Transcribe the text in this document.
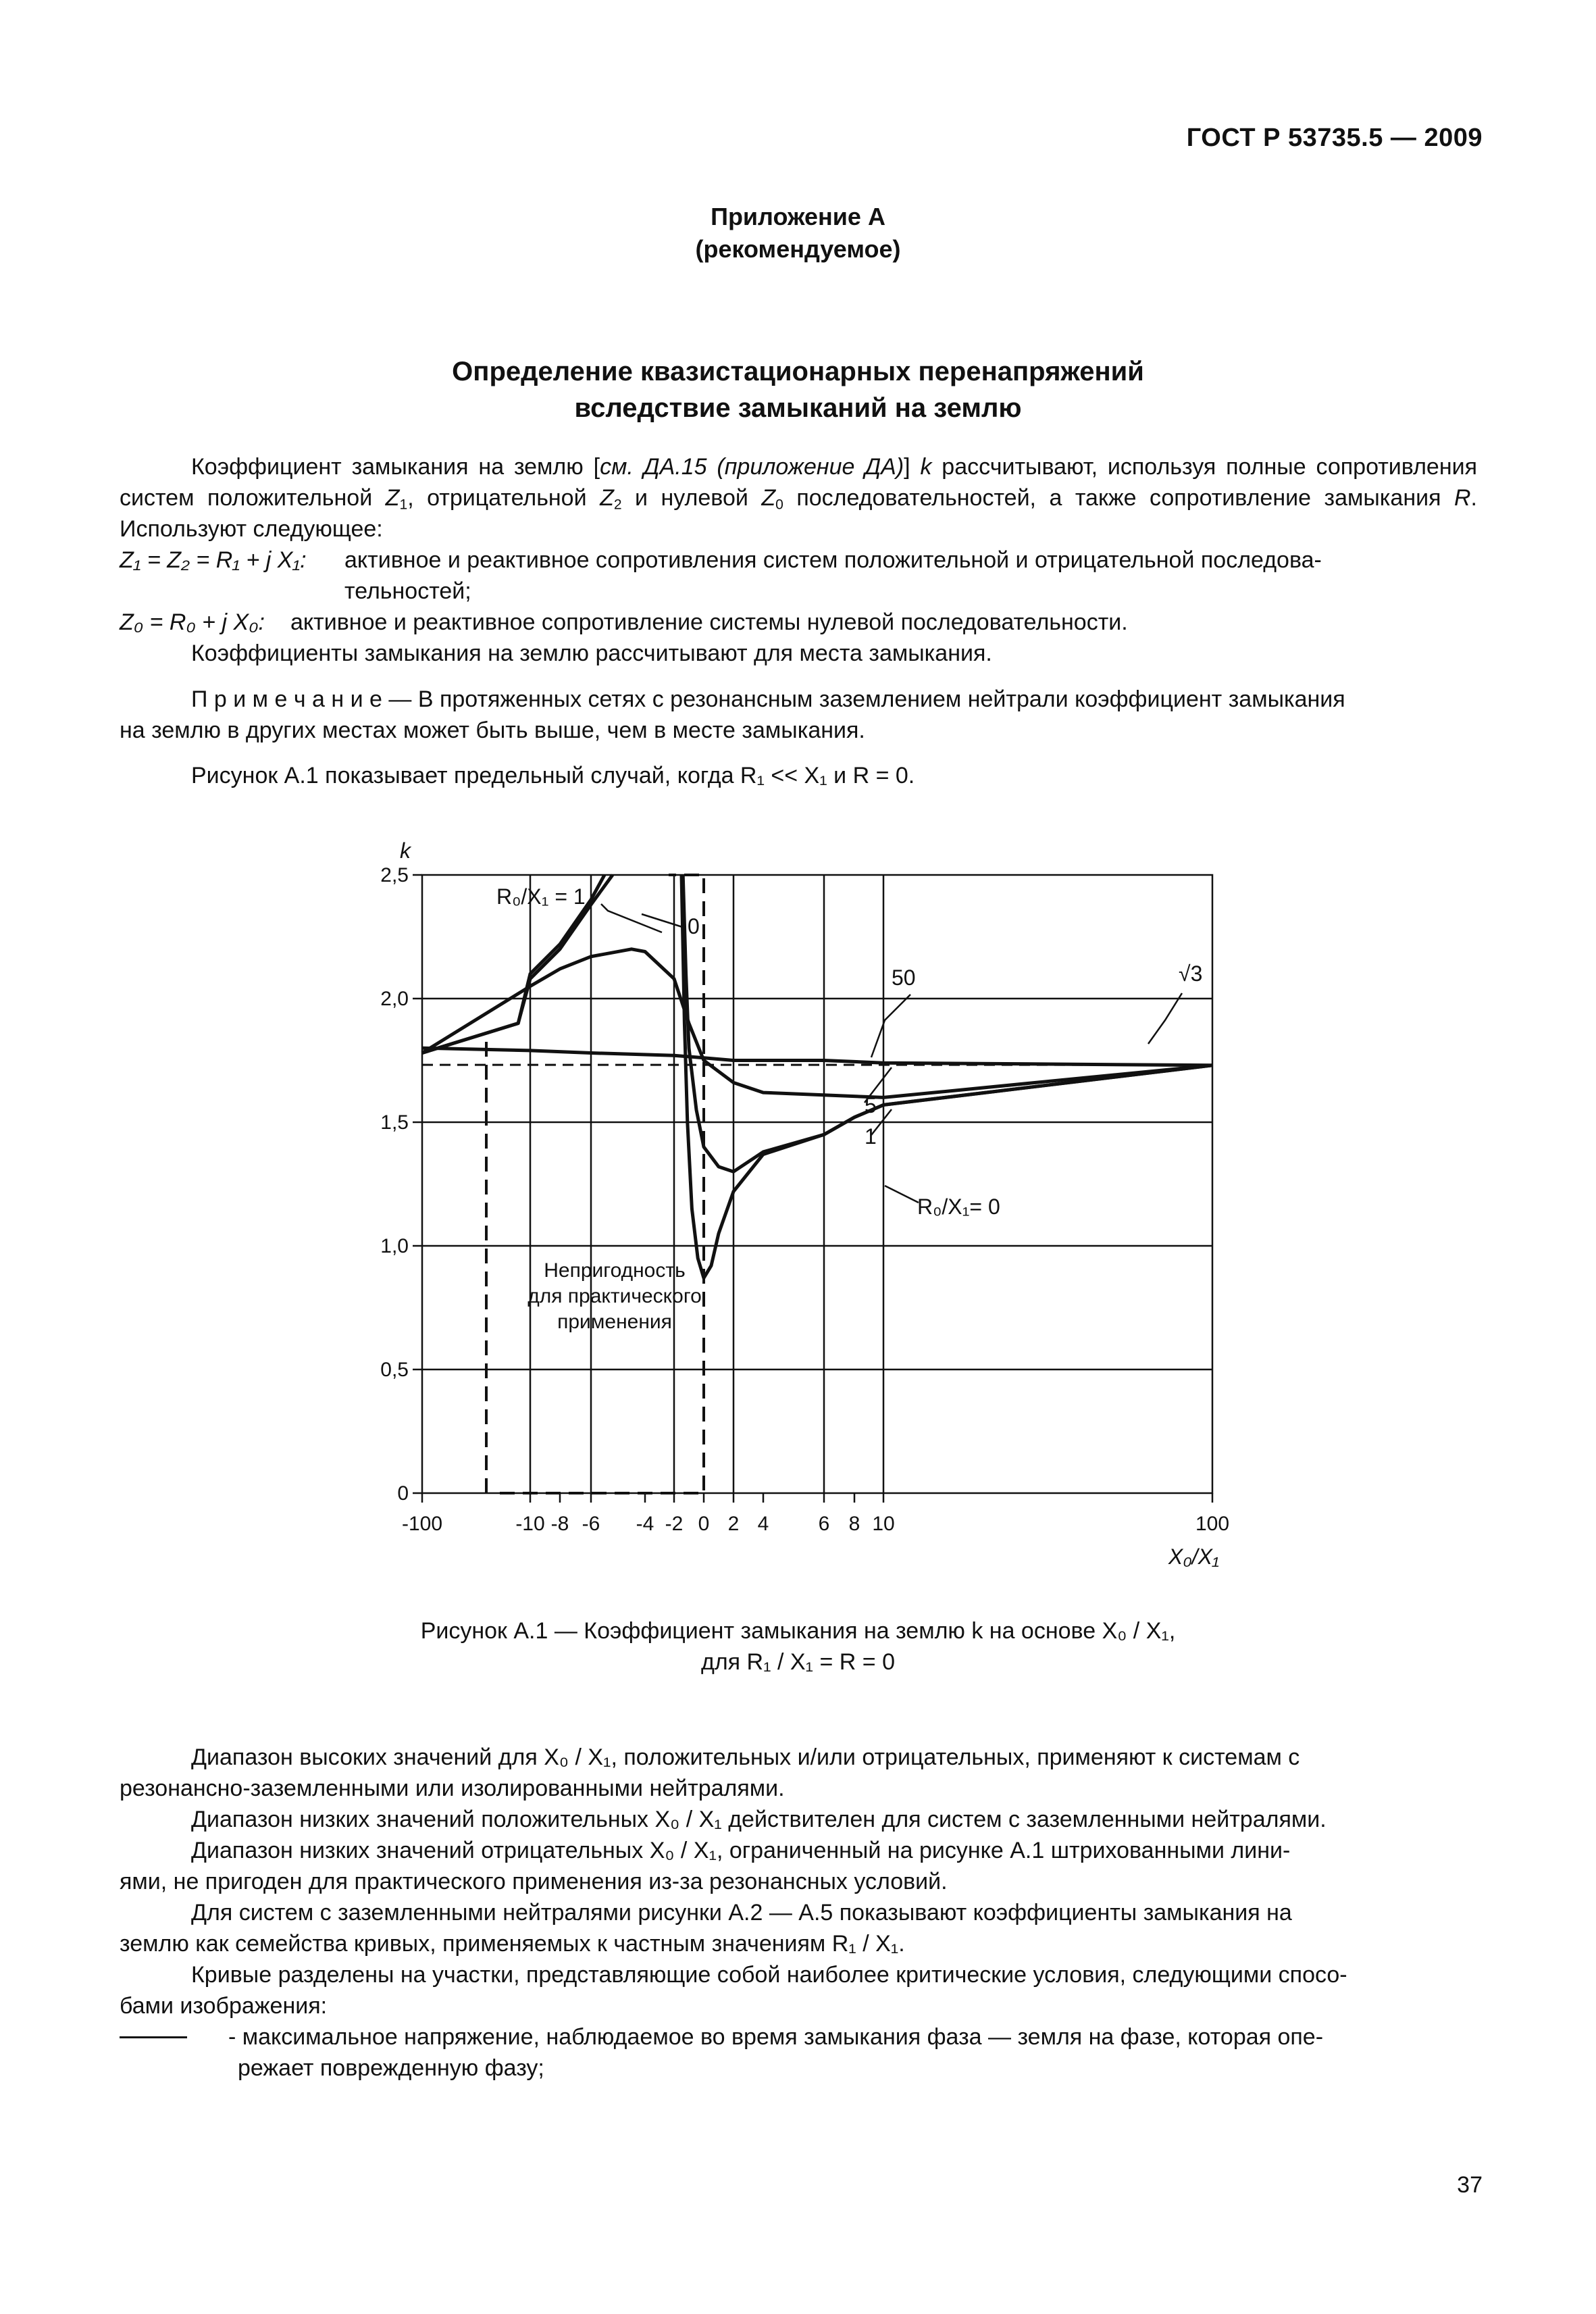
ГОСТ Р 53735.5 — 2009
Приложение А
(рекомендуемое)
Определение квазистационарных перенапряжений
вследствие замыканий на землю
Коэффициент замыкания на землю [см. ДА.15 (приложение ДА)] k рассчитывают, используя полные сопротивления систем положительной $Z_1$, отрицательной $Z_2$ и нулевой $Z_0$ последовательностей, а также сопротивление замыкания R. Используют следующее:
Z₁ = Z₂ = R₁ + j X₁: активное и реактивное сопротивления систем положительной и отрицательной последова-
тельностей;
Z₀ = R₀ + j X₀: активное и реактивное сопротивление системы нулевой последовательности.
Коэффициенты замыкания на землю рассчитывают для места замыкания.
П р и м е ч а н и е — В протяженных сетях с резонансным заземлением нейтрали коэффициент замыкания
на землю в других местах может быть выше, чем в месте замыкания.
Рисунок А.1 показывает предельный случай, когда R₁ << X₁ и R = 0.
Непригодность
для практического
применения
-100	-10 -8 -6 -4 -2 0 2 4 6 8 10	100
0
0,5
1,0
1,5
2,0
2,5
k
X₀/X₁
R₀/X₁ = 1
0
50
5
1
R₀/X₁= 0
√3
Рисунок А.1 — Коэффициент замыкания на землю k на основе X₀ / X₁,
для R₁ / X₁ = R = 0
Диапазон высоких значений для X₀ / X₁, положительных и/или отрицательных, применяют к системам с
резонансно-заземленными или изолированными нейтралями.
Диапазон низких значений положительных X₀ / X₁ действителен для систем с заземленными нейтралями.
Диапазон низких значений отрицательных X₀ / X₁, ограниченный на рисунке А.1 штрихованными лини-
ями, не пригоден для практического применения из-за резонансных условий.
Для систем с заземленными нейтралями рисунки А.2 — А.5 показывают коэффициенты замыкания на
землю как семейства кривых, применяемых к частным значениям R₁ / X₁.
Кривые разделены на участки, представляющие собой наиболее критические условия, следующими спосо-
бами изображения:
- максимальное напряжение, наблюдаемое во время замыкания фаза — земля на фазе, которая опе-
режает поврежденную фазу;
37
